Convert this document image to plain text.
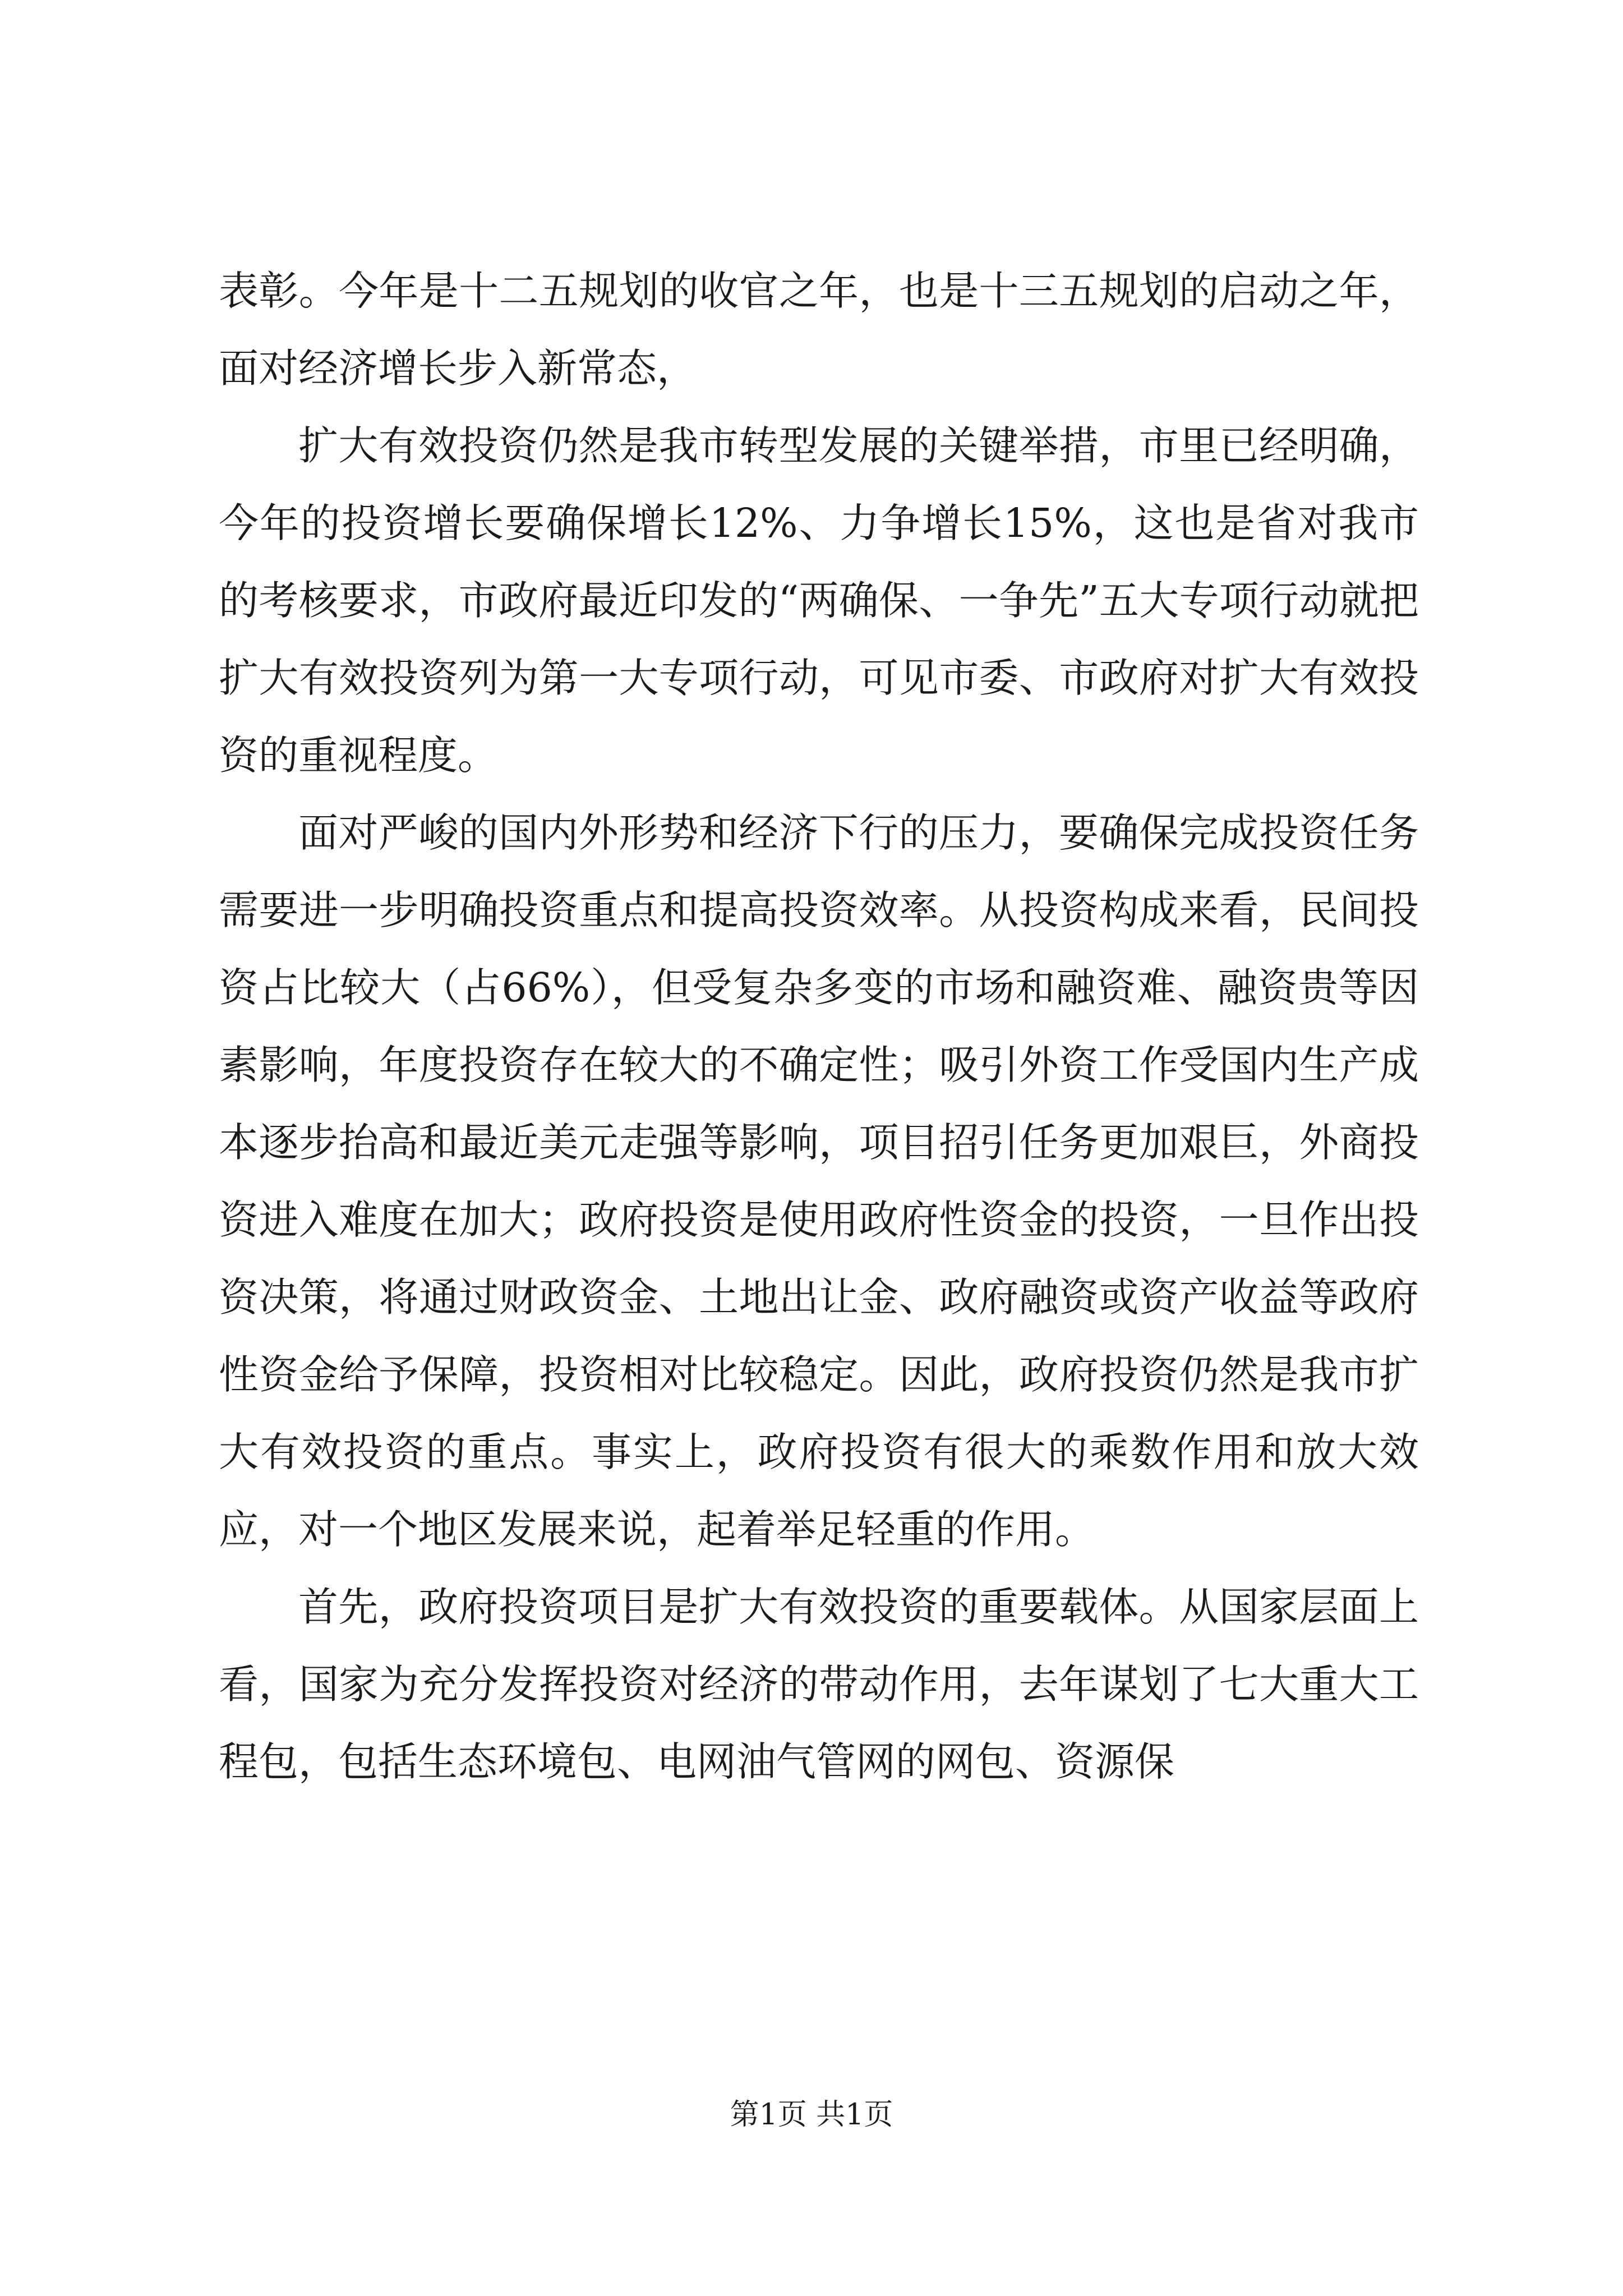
表彰。今年是十二五规划的收官之年，也是十三五规划的启动之年，面对经济增长步入新常态，

扩大有效投资仍然是我市转型发展的关键举措，市里已经明确，今年的投资增长要确保增长12%、力争增长15%，这也是省对我市的考核要求，市政府最近印发的“两确保、一争先”五大专项行动就把扩大有效投资列为第一大专项行动，可见市委、市政府对扩大有效投资的重视程度。

面对严峻的国内外形势和经济下行的压力，要确保完成投资任务需要进一步明确投资重点和提高投资效率。从投资构成来看，民间投资占比较大（占66%），但受复杂多变的市场和融资难、融资贵等因素影响，年度投资存在较大的不确定性；吸引外资工作受国内生产成本逐步抬高和最近美元走强等影响，项目招引任务更加艰巨，外商投资进入难度在加大；政府投资是使用政府性资金的投资，一旦作出投资决策，将通过财政资金、土地出让金、政府融资或资产收益等政府性资金给予保障，投资相对比较稳定。因此，政府投资仍然是我市扩大有效投资的重点。事实上，政府投资有很大的乘数作用和放大效应，对一个地区发展来说，起着举足轻重的作用。

首先，政府投资项目是扩大有效投资的重要载体。从国家层面上看，国家为充分发挥投资对经济的带动作用，去年谋划了七大重大工程包，包括生态环境包、电网油气管网的网包、资源保

第1页 共1页
